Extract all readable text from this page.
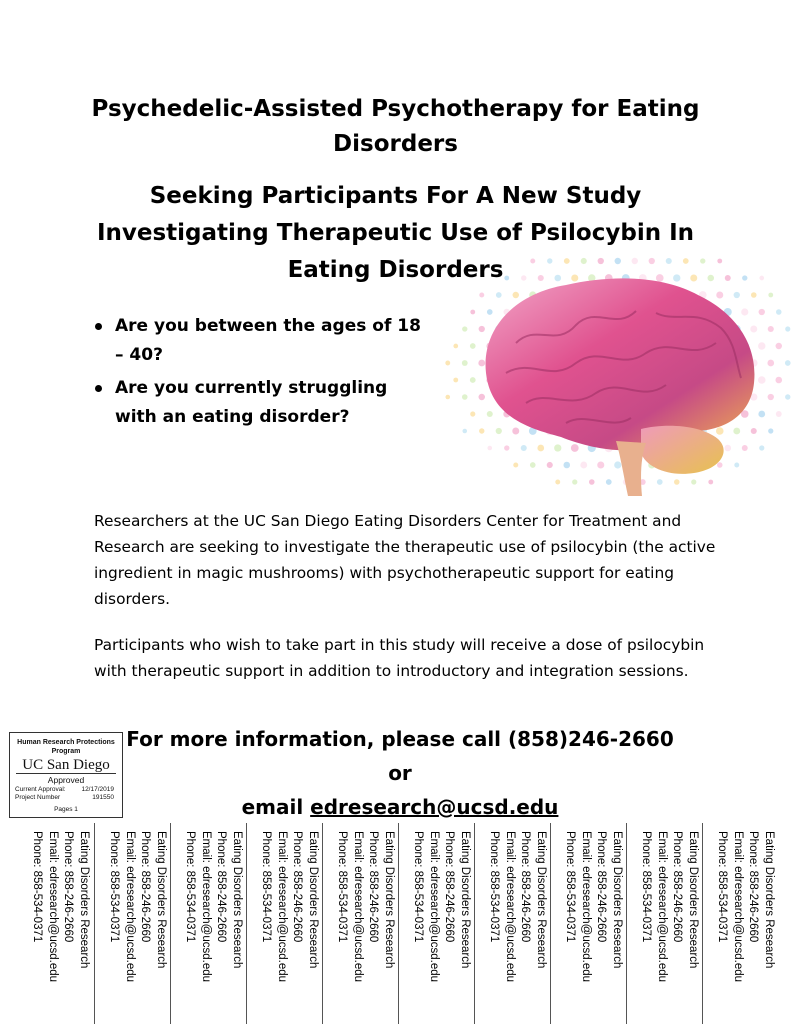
Psychedelic-Assisted Psychotherapy for Eating Disorders
Seeking Participants For A New Study Investigating Therapeutic Use of Psilocybin In Eating Disorders
Are you between the ages of 18 – 40?
Are you currently struggling with an eating disorder?

Researchers at the UC San Diego Eating Disorders Center for Treatment and Research are seeking to investigate the therapeutic use of psilocybin (the active ingredient in magic mushrooms) with psychotherapeutic support for eating disorders.

Participants who wish to take part in this study will receive a dose of psilocybin with therapeutic support in addition to introductory and integration sessions.

For more information, please call (858)246-2660 or
email edresearch@ucsd.edu
Human Research Protections Program
UC San Diego
Approved
Current Approval: 12/17/2019
Project Number	191550
Pages 1
Eating Disorders Research
Phone: 858-246-2660
Email: edresearch@ucsd.edu
Phone: 858-534-0371	Eating Disorders Research
Phone: 858-246-2660
Email: edresearch@ucsd.edu
Phone: 858-534-0371	Eating Disorders Research
Phone: 858-246-2660
Email: edresearch@ucsd.edu
Phone: 858-534-0371	Eating Disorders Research
Phone: 858-246-2660
Email: edresearch@ucsd.edu
Phone: 858-534-0371	Eating Disorders Research
Phone: 858-246-2660
Email: edresearch@ucsd.edu
Phone: 858-534-0371	Eating Disorders Research
Phone: 858-246-2660
Email: edresearch@ucsd.edu
Phone: 858-534-0371	Eating Disorders Research
Phone: 858-246-2660
Email: edresearch@ucsd.edu
Phone: 858-534-0371	Eating Disorders Research
Phone: 858-246-2660
Email: edresearch@ucsd.edu
Phone: 858-534-0371	Eating Disorders Research
Phone: 858-246-2660
Email: edresearch@ucsd.edu
Phone: 858-534-0371	Eating Disorders Research
Phone: 858-246-2660
Email: edresearch@ucsd.edu
Phone: 858-534-0371
